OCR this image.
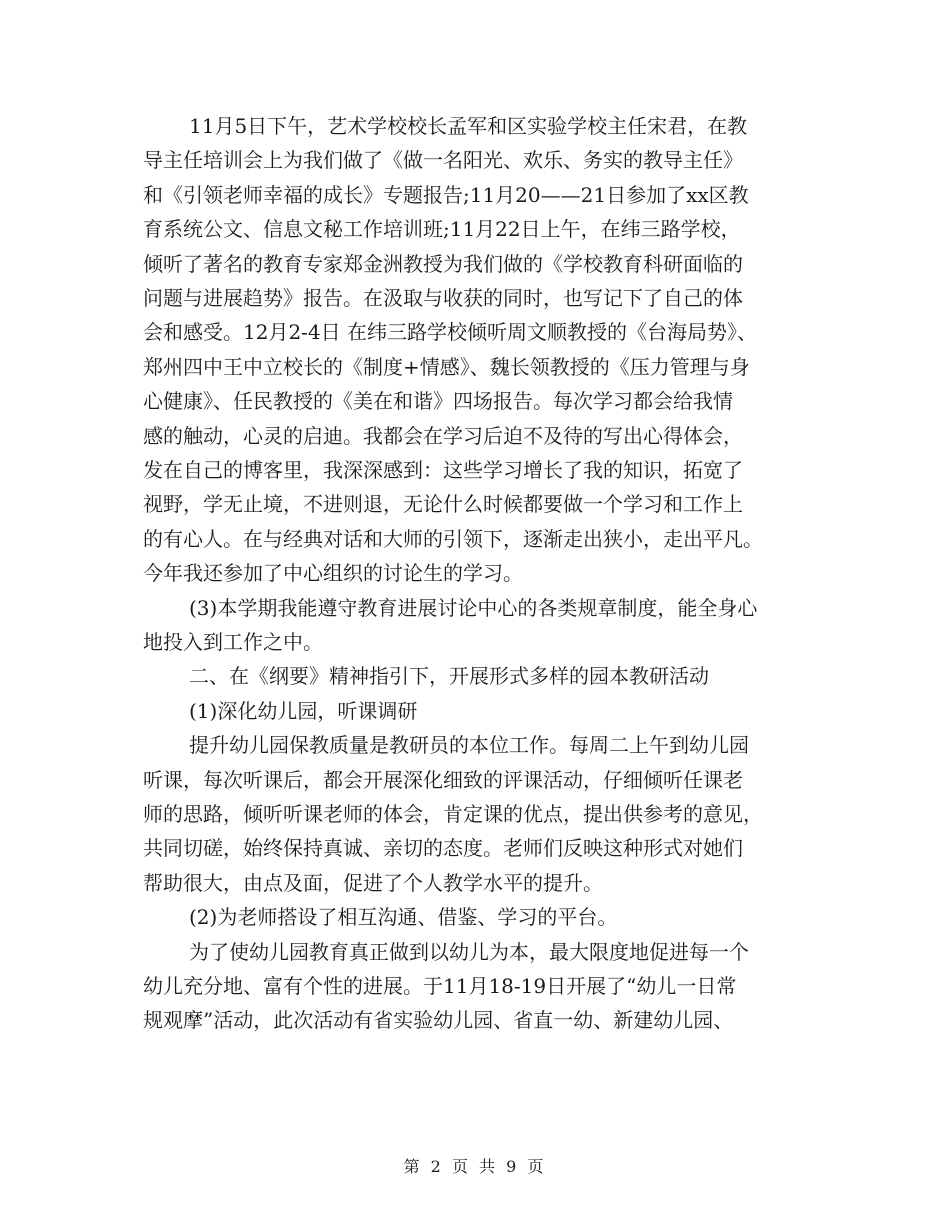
11月5日下午，艺术学校校长孟军和区实验学校主任宋君，在教
导主任培训会上为我们做了《做一名阳光、欢乐、务实的教导主任》
和《引领老师幸福的成长》专题报告;11月20——21日参加了xx区教
育系统公文、信息文秘工作培训班;11月22日上午，在纬三路学校，
倾听了著名的教育专家郑金洲教授为我们做的《学校教育科研面临的
问题与进展趋势》报告。在汲取与收获的同时，也写记下了自己的体
会和感受。12月2-4日 在纬三路学校倾听周文顺教授的《台海局势》、
郑州四中王中立校长的《制度+情感》、魏长领教授的《压力管理与身
心健康》、任民教授的《美在和谐》四场报告。每次学习都会给我情
感的触动，心灵的启迪。我都会在学习后迫不及待的写出心得体会，
发在自己的博客里，我深深感到：这些学习增长了我的知识，拓宽了
视野，学无止境，不进则退，无论什么时候都要做一个学习和工作上
的有心人。在与经典对话和大师的引领下，逐渐走出狭小，走出平凡。
今年我还参加了中心组织的讨论生的学习。
(3)本学期我能遵守教育进展讨论中心的各类规章制度，能全身心
地投入到工作之中。
二、在《纲要》精神指引下，开展形式多样的园本教研活动
(1)深化幼儿园，听课调研
提升幼儿园保教质量是教研员的本位工作。每周二上午到幼儿园
听课，每次听课后，都会开展深化细致的评课活动，仔细倾听任课老
师的思路，倾听听课老师的体会，肯定课的优点，提出供参考的意见，
共同切磋，始终保持真诚、亲切的态度。老师们反映这种形式对她们
帮助很大，由点及面，促进了个人教学水平的提升。
(2)为老师搭设了相互沟通、借鉴、学习的平台。
为了使幼儿园教育真正做到以幼儿为本，最大限度地促进每一个
幼儿充分地、富有个性的进展。于11月18-19日开展了“幼儿一日常
规观摩”活动，此次活动有省实验幼儿园、省直一幼、新建幼儿园、
第 2 页 共 9 页
